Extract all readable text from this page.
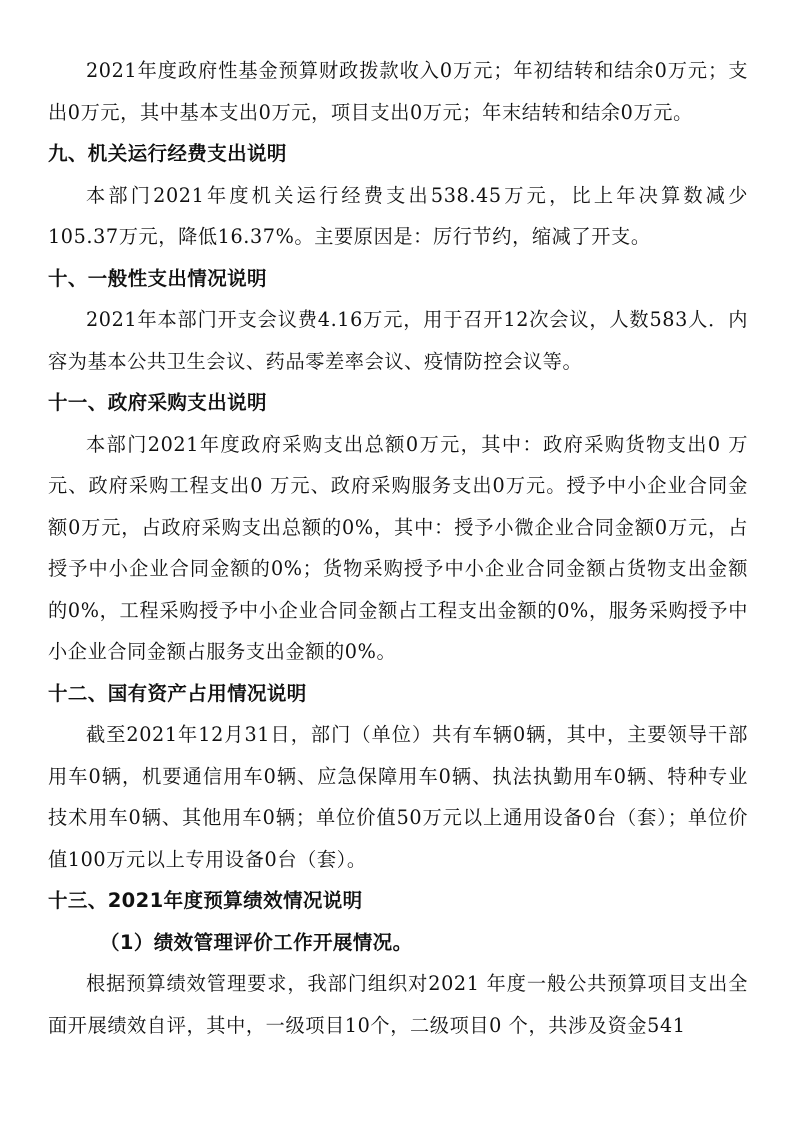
2021年度政府性基金预算财政拨款收入0万元；年初结转和结余0万元；支出0万元，其中基本支出0万元，项目支出0万元；年末结转和结余0万元。

九、机关运行经费支出说明

本部门2021年度机关运行经费支出538.45万元，比上年决算数减少105.37万元，降低16.37%。主要原因是：厉行节约，缩减了开支。

十、一般性支出情况说明

2021年本部门开支会议费4.16万元，用于召开12次会议，人数583人．内容为基本公共卫生会议、药品零差率会议、疫情防控会议等。

十一、政府采购支出说明

本部门2021年度政府采购支出总额0万元，其中：政府采购货物支出0 万元、政府采购工程支出0 万元、政府采购服务支出0万元。授予中小企业合同金额0万元，占政府采购支出总额的0%，其中：授予小微企业合同金额0万元，占授予中小企业合同金额的0%；货物采购授予中小企业合同金额占货物支出金额的0%，工程采购授予中小企业合同金额占工程支出金额的0%，服务采购授予中小企业合同金额占服务支出金额的0%。

十二、国有资产占用情况说明

截至2021年12月31日，部门（单位）共有车辆0辆，其中，主要领导干部用车0辆，机要通信用车0辆、应急保障用车0辆、执法执勤用车0辆、特种专业技术用车0辆、其他用车0辆；单位价值50万元以上通用设备0台（套）；单位价值100万元以上专用设备0台（套）。

十三、2021年度预算绩效情况说明
（1）绩效管理评价工作开展情况。

根据预算绩效管理要求，我部门组织对2021 年度一般公共预算项目支出全面开展绩效自评，其中，一级项目10个，二级项目0 个，共涉及资金541
